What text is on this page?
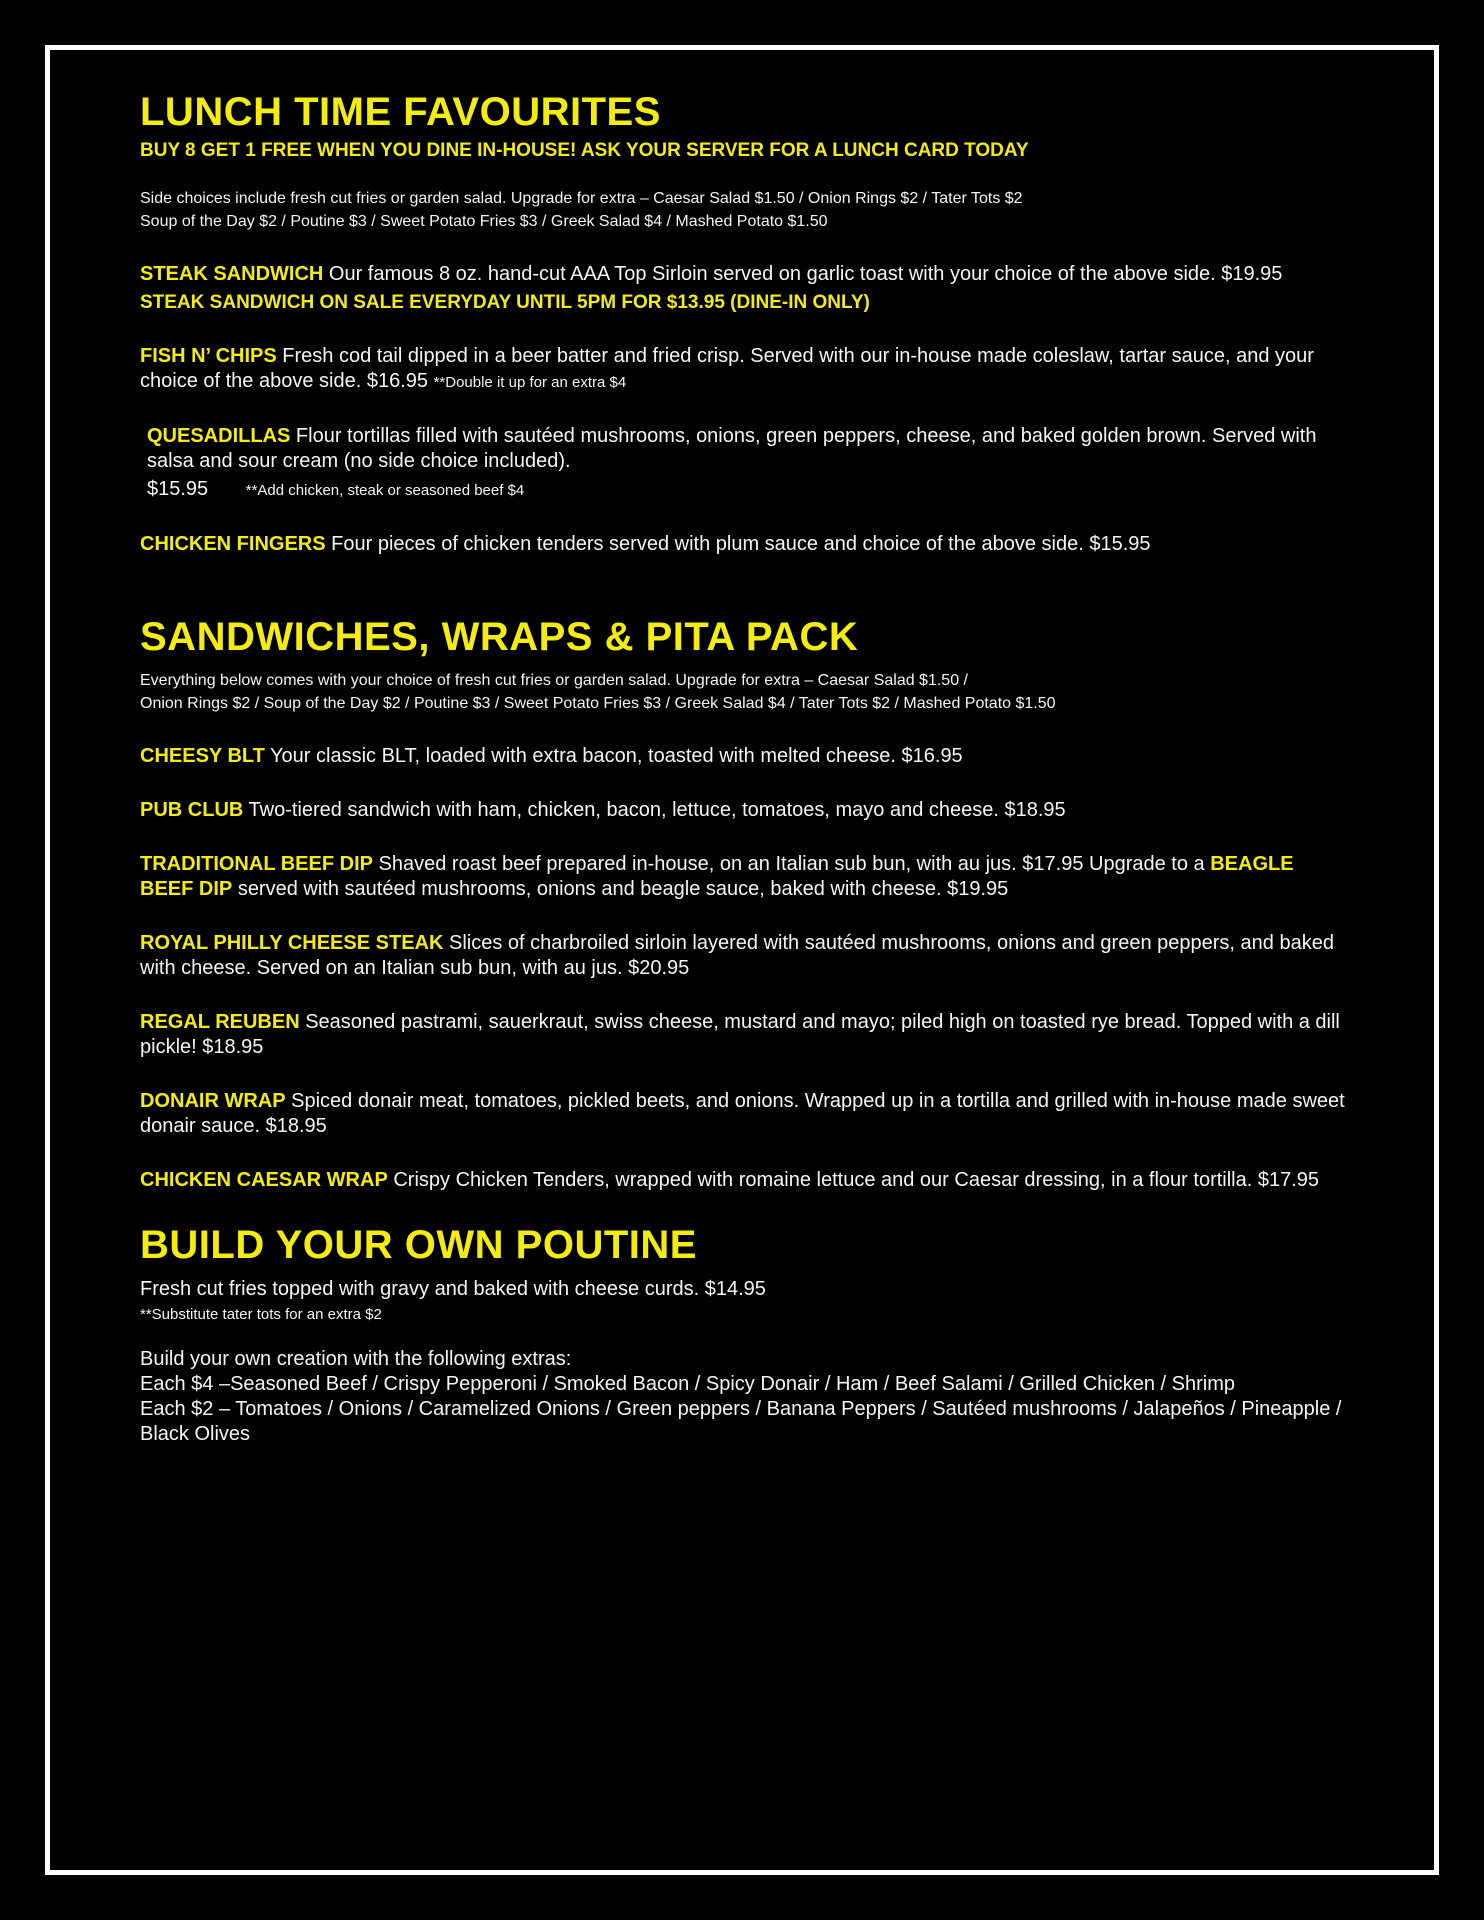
LUNCH TIME FAVOURITES

BUY 8 GET 1 FREE WHEN YOU DINE IN-HOUSE! ASK YOUR SERVER FOR A LUNCH CARD TODAY

Side choices include fresh cut fries or garden salad. Upgrade for extra – Caesar Salad $1.50 / Onion Rings $2 / Tater Tots $2
Soup of the Day $2 / Poutine $3 / Sweet Potato Fries $3 / Greek Salad $4 / Mashed Potato $1.50

STEAK SANDWICH Our famous 8 oz. hand-cut AAA Top Sirloin served on garlic toast with your choice of the above side. $19.95

STEAK SANDWICH ON SALE EVERYDAY UNTIL 5PM FOR $13.95 (DINE-IN ONLY)

FISH N’ CHIPS Fresh cod tail dipped in a beer batter and fried crisp. Served with our in-house made coleslaw, tartar sauce, and your choice of the above side. $16.95 **Double it up for an extra $4

QUESADILLAS Flour tortillas filled with sautéed mushrooms, onions, green peppers, cheese, and baked golden brown. Served with salsa and sour cream (no side choice included).

$15.95	**Add chicken, steak or seasoned beef $4

CHICKEN FINGERS Four pieces of chicken tenders served with plum sauce and choice of the above side. $15.95

SANDWICHES, WRAPS & PITA PACK

Everything below comes with your choice of fresh cut fries or garden salad. Upgrade for extra – Caesar Salad $1.50 /
Onion Rings $2 / Soup of the Day $2 / Poutine $3 / Sweet Potato Fries $3 / Greek Salad $4 / Tater Tots $2 / Mashed Potato $1.50

CHEESY BLT Your classic BLT, loaded with extra bacon, toasted with melted cheese. $16.95

PUB CLUB Two-tiered sandwich with ham, chicken, bacon, lettuce, tomatoes, mayo and cheese. $18.95

TRADITIONAL BEEF DIP Shaved roast beef prepared in-house, on an Italian sub bun, with au jus. $17.95 Upgrade to a BEAGLE BEEF DIP served with sautéed mushrooms, onions and beagle sauce, baked with cheese. $19.95

ROYAL PHILLY CHEESE STEAK Slices of charbroiled sirloin layered with sautéed mushrooms, onions and green peppers, and baked with cheese. Served on an Italian sub bun, with au jus. $20.95

REGAL REUBEN Seasoned pastrami, sauerkraut, swiss cheese, mustard and mayo; piled high on toasted rye bread. Topped with a dill pickle! $18.95

DONAIR WRAP Spiced donair meat, tomatoes, pickled beets, and onions. Wrapped up in a tortilla and grilled with in-house made sweet donair sauce. $18.95

CHICKEN CAESAR WRAP Crispy Chicken Tenders, wrapped with romaine lettuce and our Caesar dressing, in a flour tortilla. $17.95

BUILD YOUR OWN POUTINE

Fresh cut fries topped with gravy and baked with cheese curds. $14.95

**Substitute tater tots for an extra $2

Build your own creation with the following extras:

Each $4 –Seasoned Beef / Crispy Pepperoni / Smoked Bacon / Spicy Donair / Ham / Beef Salami / Grilled Chicken / Shrimp

Each $2 – Tomatoes / Onions / Caramelized Onions / Green peppers / Banana Peppers / Sautéed mushrooms / Jalapeños / Pineapple / Black Olives
